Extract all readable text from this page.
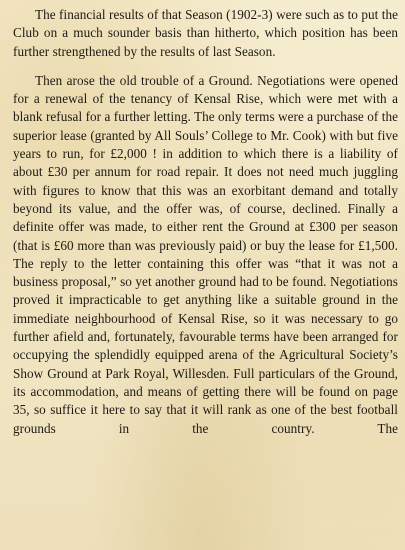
The financial results of that Season (1902-3) were such as to put the Club on a much sounder basis than hitherto, which position has been further strengthened by the results of last Season.

Then arose the old trouble of a Ground. Negotiations were opened for a renewal of the tenancy of Kensal Rise, which were met with a blank refusal for a further letting. The only terms were a purchase of the superior lease (granted by All Souls’ College to Mr. Cook) with but five years to run, for £2,000 ! in addition to which there is a liability of about £30 per annum for road repair. It does not need much juggling with figures to know that this was an exorbitant demand and totally beyond its value, and the offer was, of course, declined. Finally a definite offer was made, to either rent the Ground at £300 per season (that is £60 more than was previously paid) or buy the lease for £1,500. The reply to the letter containing this offer was “that it was not a business proposal,” so yet another ground had to be found. Negotiations proved it impracticable to get anything like a suitable ground in the immediate neighbourhood of Kensal Rise, so it was necessary to go further afield and, fortunately, favourable terms have been arranged for occupying the splendidly equipped arena of the Agricultural Society’s Show Ground at Park Royal, Willesden. Full particulars of the Ground, its accommodation, and means of getting there will be found on page 35, so suffice it here to say that it will rank as one of the best football grounds in the country. The
